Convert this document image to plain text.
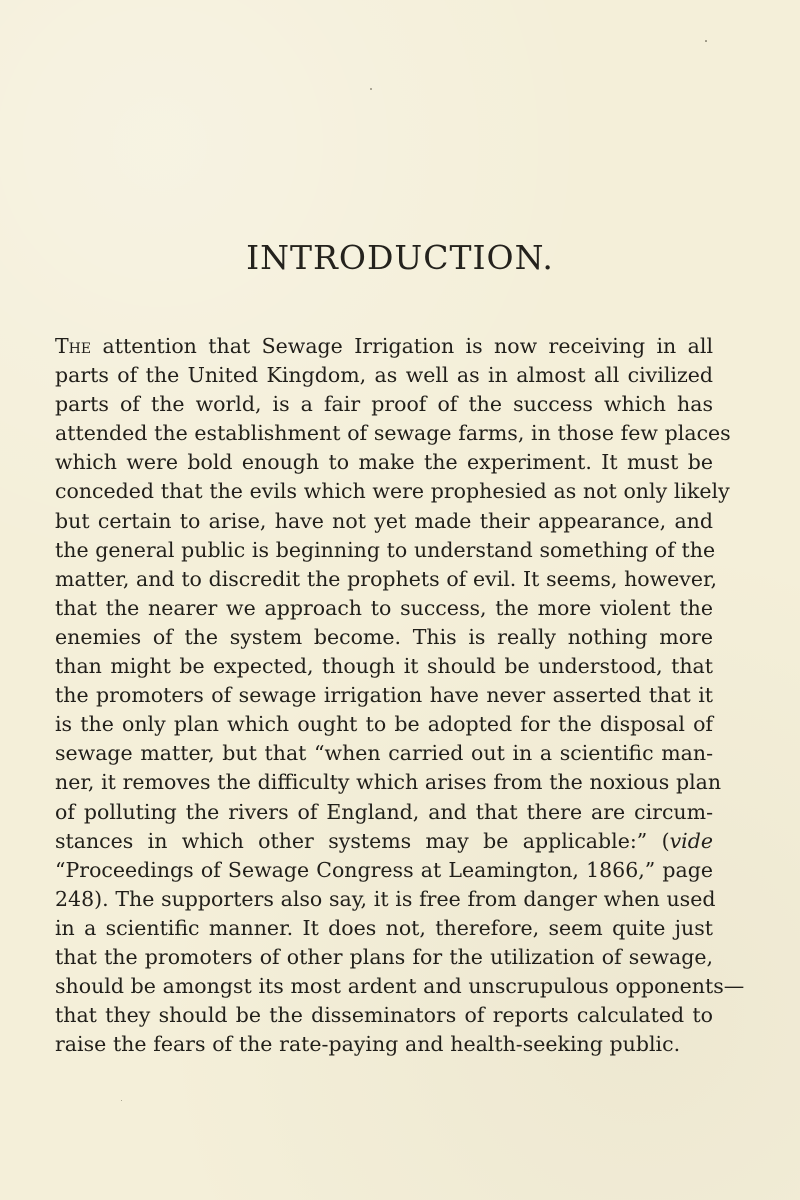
INTRODUCTION.
The attention that Sewage Irrigation is now receiving in all
parts of the United Kingdom, as well as in almost all civilized
parts of the world, is a fair proof of the success which has
attended the establishment of sewage farms, in those few places
which were bold enough to make the experiment. It must be
conceded that the evils which were prophesied as not only likely
but certain to arise, have not yet made their appearance, and
the general public is beginning to understand something of the
matter, and to discredit the prophets of evil. It seems, however,
that the nearer we approach to success, the more violent the
enemies of the system become. This is really nothing more
than might be expected, though it should be understood, that
the promoters of sewage irrigation have never asserted that it
is the only plan which ought to be adopted for the disposal of
sewage matter, but that “when carried out in a scientific man-
ner, it removes the difficulty which arises from the noxious plan
of polluting the rivers of England, and that there are circum-
stances in which other systems may be applicable:” (vide
“Proceedings of Sewage Congress at Leamington, 1866,” page
248). The supporters also say, it is free from danger when used
in a scientific manner. It does not, therefore, seem quite just
that the promoters of other plans for the utilization of sewage,
should be amongst its most ardent and unscrupulous opponents—
that they should be the disseminators of reports calculated to
raise the fears of the rate-paying and health-seeking public.
